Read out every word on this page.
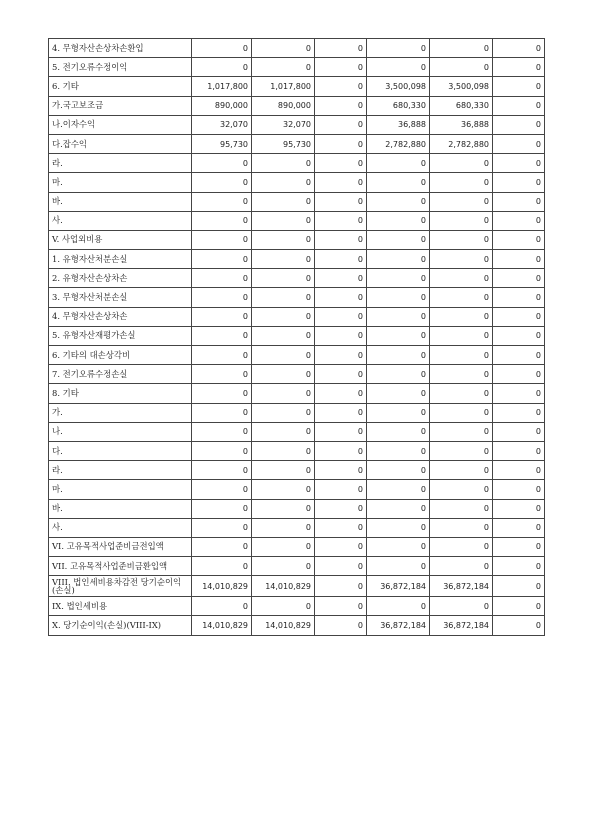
4. 무형자산손상차손환입	0	0	0	0	0	0
5. 전기오류수정이익	0	0	0	0	0	0
6. 기타	1,017,800	1,017,800	0	3,500,098	3,500,098	0
가.국고보조금	890,000	890,000	0	680,330	680,330	0
나.이자수익	32,070	32,070	0	36,888	36,888	0
다.잡수익	95,730	95,730	0	2,782,880	2,782,880	0
라.	0	0	0	0	0	0
마.	0	0	0	0	0	0
바.	0	0	0	0	0	0
사.	0	0	0	0	0	0
V. 사업외비용	0	0	0	0	0	0
1. 유형자산처분손실	0	0	0	0	0	0
2. 유형자산손상차손	0	0	0	0	0	0
3. 무형자산처분손실	0	0	0	0	0	0
4. 무형자산손상차손	0	0	0	0	0	0
5. 유형자산재평가손실	0	0	0	0	0	0
6. 기타의 대손상각비	0	0	0	0	0	0
7. 전기오류수정손실	0	0	0	0	0	0
8. 기타	0	0	0	0	0	0
가.	0	0	0	0	0	0
나.	0	0	0	0	0	0
다.	0	0	0	0	0	0
라.	0	0	0	0	0	0
마.	0	0	0	0	0	0
바.	0	0	0	0	0	0
사.	0	0	0	0	0	0
VI. 고유목적사업준비금전입액	0	0	0	0	0	0
VII. 고유목적사업준비금환입액	0	0	0	0	0	0

VIII. 법인세비용차감전 당기순이익(손실)	14,010,829	14,010,829	0	36,872,184	36,872,184	0
IX. 법인세비용	0	0	0	0	0	0
X. 당기순이익(손실)(VIII-IX)	14,010,829	14,010,829	0	36,872,184	36,872,184	0
